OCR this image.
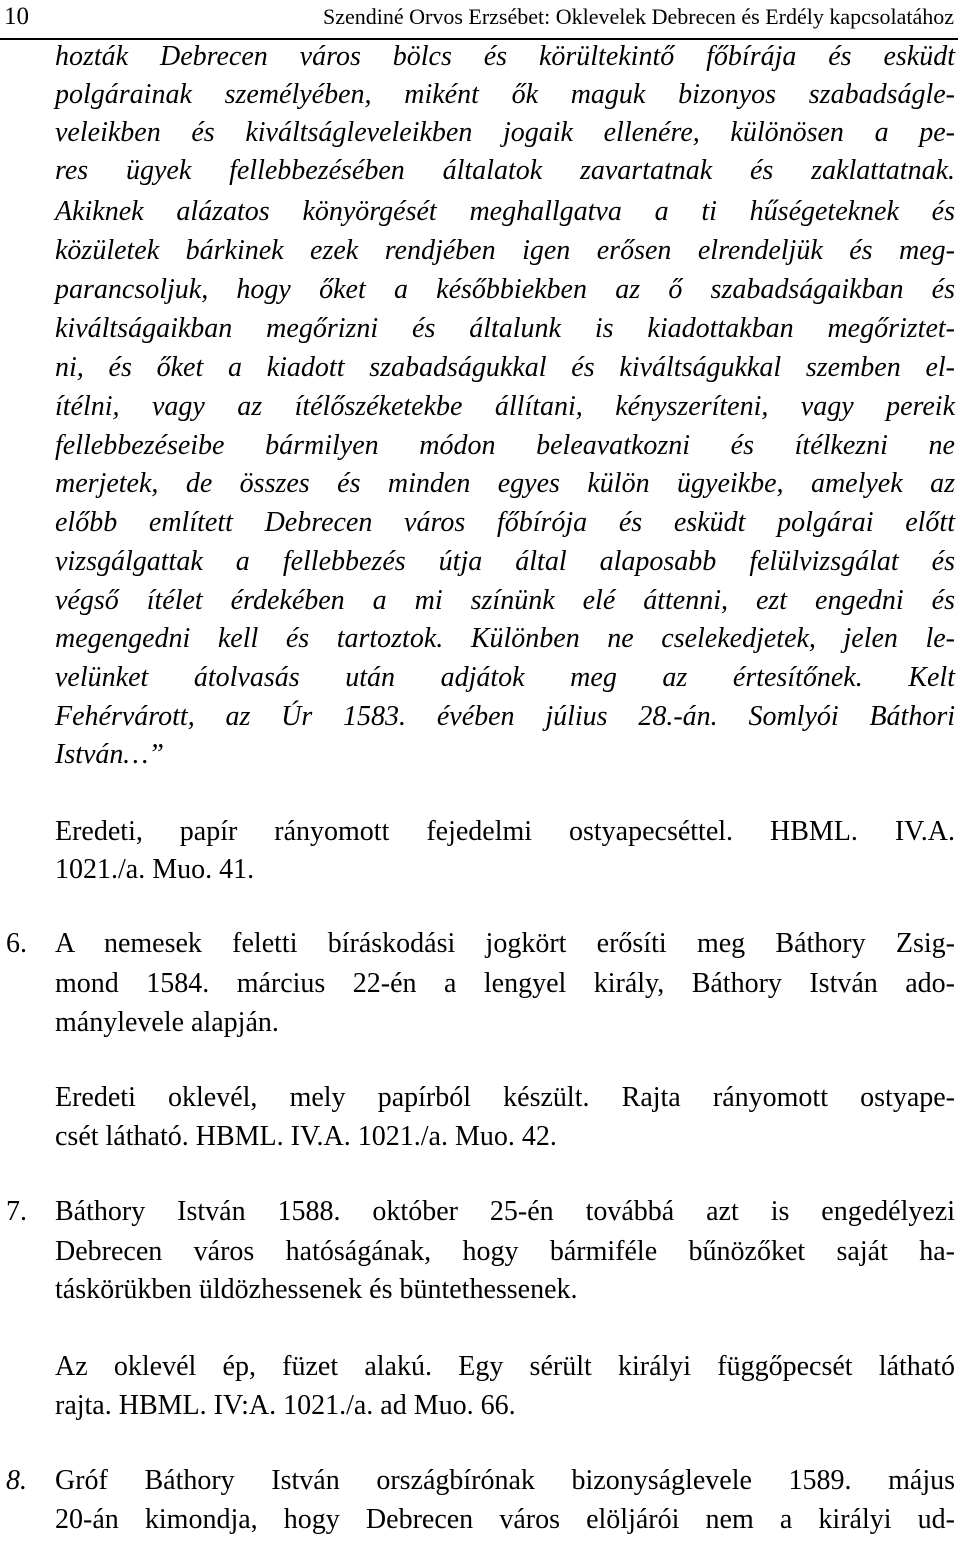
10	Szendiné Orvos Erzsébet: Oklevelek Debrecen és Erdély kapcsolatához
6.
7.
8.
hozták Debrecen város bölcs és körültekintő főbírája és esküdt
polgárainak személyében, miként ők maguk bizonyos szabadságle-
veleikben és kiváltságleveleikben jogaik ellenére, különösen a pe-
res ügyek fellebbezésében általatok zavartatnak és zaklattatnak.
Akiknek alázatos könyörgését meghallgatva a ti hűségeteknek és
közületek bárkinek ezek rendjében igen erősen elrendeljük és meg-
parancsoljuk, hogy őket a későbbiekben az ő szabadságaikban és
kiváltságaikban megőrizni és általunk is kiadottakban megőriztet-
ni, és őket a kiadott szabadságukkal és kiváltságukkal szemben el-
ítélni, vagy az ítélőszéketekbe állítani, kényszeríteni, vagy pereik
fellebbezéseibe bármilyen módon beleavatkozni és ítélkezni ne
merjetek, de összes és minden egyes külön ügyeikbe, amelyek az
előbb említett Debrecen város főbírója és esküdt polgárai előtt
vizsgálgattak a fellebbezés útja által alaposabb felülvizsgálat és
végső ítélet érdekében a mi színünk elé áttenni, ezt engedni és
megengedni kell és tartoztok. Különben ne cselekedjetek, jelen le-
velünket átolvasás után adjátok meg az értesítőnek. Kelt
Fehérvárott, az Úr 1583. évében július 28.-án. Somlyói Báthori
István…”
Eredeti, papír rányomott fejedelmi ostyapecséttel. HBML. IV.A.
1021./a. Muo. 41.
A nemesek feletti bíráskodási jogkört erősíti meg Báthory Zsig-
mond 1584. március 22-én a lengyel király, Báthory István ado-
mánylevele alapján.
Eredeti oklevél, mely papírból készült. Rajta rányomott ostyape-
csét látható. HBML. IV.A. 1021./a. Muo. 42.
Báthory István 1588. október 25-én továbbá azt is engedélyezi
Debrecen város hatóságának, hogy bármiféle bűnözőket saját ha-
táskörükben üldözhessenek és büntethessenek.
Az oklevél ép, füzet alakú. Egy sérült királyi függőpecsét látható
rajta. HBML. IV:A. 1021./a. ad Muo. 66.
Gróf Báthory István országbírónak bizonyságlevele 1589. május
20-án kimondja, hogy Debrecen város elöljárói nem a királyi ud-
